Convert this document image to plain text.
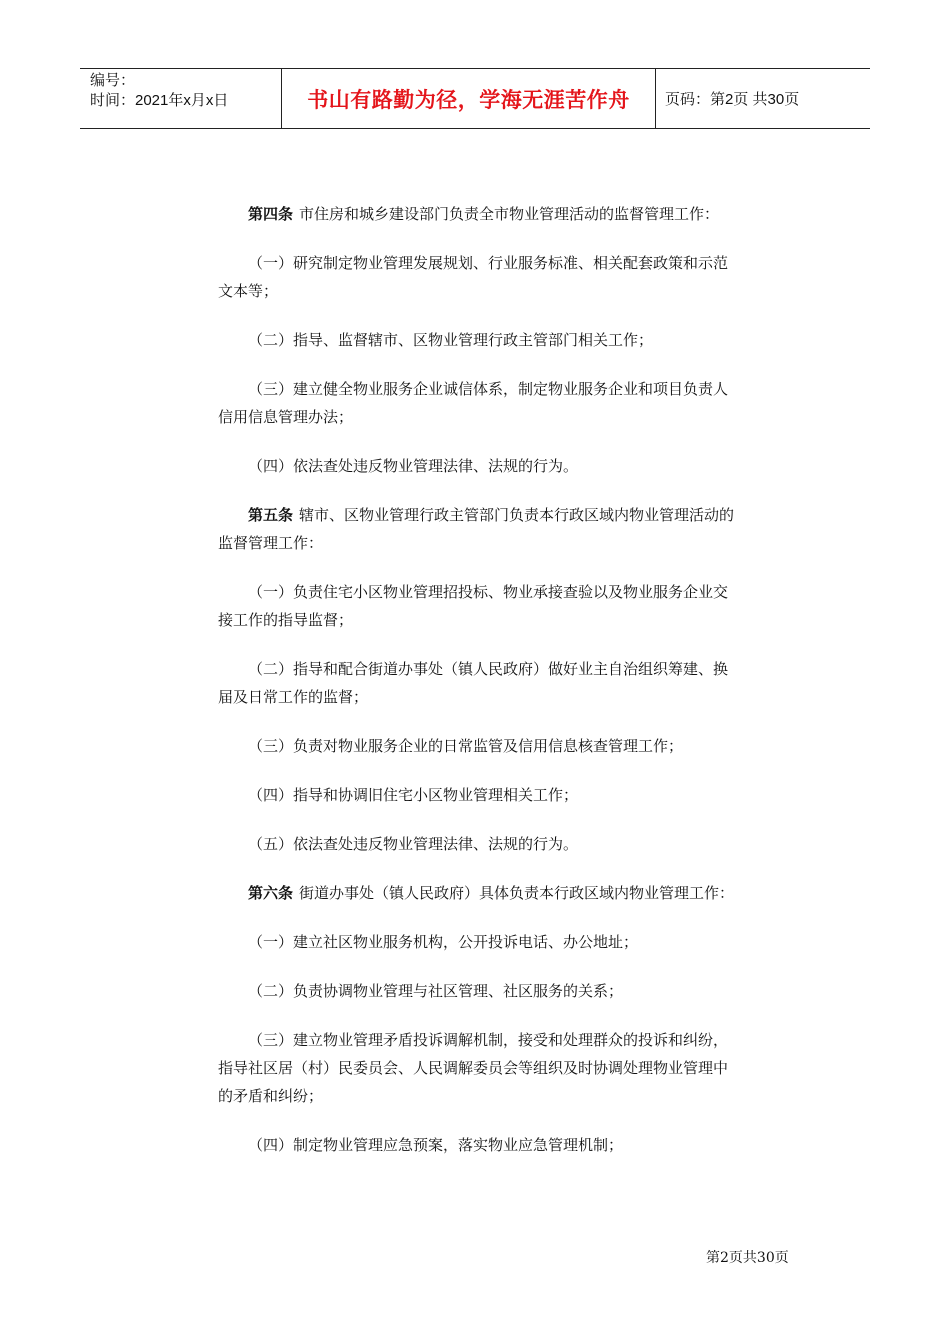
编号：
时间：2021年x月x日	书山有路勤为径，学海无涯苦作舟 页码：第2页 共30页

第四条 市住房和城乡建设部门负责全市物业管理活动的监督管理工作：

（一）研究制定物业管理发展规划、行业服务标准、相关配套政策和示范文本等；

（二）指导、监督辖市、区物业管理行政主管部门相关工作；

（三）建立健全物业服务企业诚信体系，制定物业服务企业和项目负责人信用信息管理办法；

（四）依法查处违反物业管理法律、法规的行为。

第五条 辖市、区物业管理行政主管部门负责本行政区域内物业管理活动的监督管理工作：

（一）负责住宅小区物业管理招投标、物业承接查验以及物业服务企业交接工作的指导监督；

（二）指导和配合街道办事处（镇人民政府）做好业主自治组织筹建、换届及日常工作的监督；

（三）负责对物业服务企业的日常监管及信用信息核查管理工作；

（四）指导和协调旧住宅小区物业管理相关工作；

（五）依法查处违反物业管理法律、法规的行为。

第六条 街道办事处（镇人民政府）具体负责本行政区域内物业管理工作：

（一）建立社区物业服务机构，公开投诉电话、办公地址；

（二）负责协调物业管理与社区管理、社区服务的关系；

（三）建立物业管理矛盾投诉调解机制，接受和处理群众的投诉和纠纷，指导社区居（村）民委员会、人民调解委员会等组织及时协调处理物业管理中的矛盾和纠纷；

（四）制定物业管理应急预案，落实物业应急管理机制；

第2页共30页
